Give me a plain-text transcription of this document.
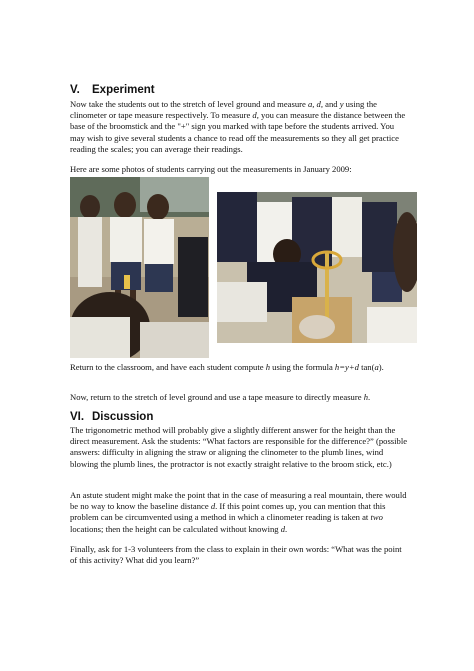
V. Experiment

Now take the students out to the stretch of level ground and measure a, d, and y using the clinometer or tape measure respectively. To measure d, you can measure the distance between the base of the broomstick and the "+" sign you marked with tape before the students arrived. You may wish to give several students a chance to read off the measurements so they all get practice reading the scales; you can average their readings.

Here are some photos of students carrying out the measurements in January 2009:

Return to the classroom, and have each student compute h using the formula h=y+d tan(a).

Now, return to the stretch of level ground and use a tape measure to directly measure h.

VI. Discussion

The trigonometric method will probably give a slightly different answer for the height than the direct measurement. Ask the students: “What factors are responsible for the difference?” (possible answers: difficulty in aligning the straw or aligning the clinometer to the plumb lines, wind blowing the plumb lines, the protractor is not exactly straight relative to the broom stick, etc.)

An astute student might make the point that in the case of measuring a real mountain, there would be no way to know the baseline distance d. If this point comes up, you can mention that this problem can be circumvented using a method in which a clinometer reading is taken at two locations; then the height can be calculated without knowing d.

Finally, ask for 1-3 volunteers from the class to explain in their own words: “What was the point of this activity? What did you learn?”
